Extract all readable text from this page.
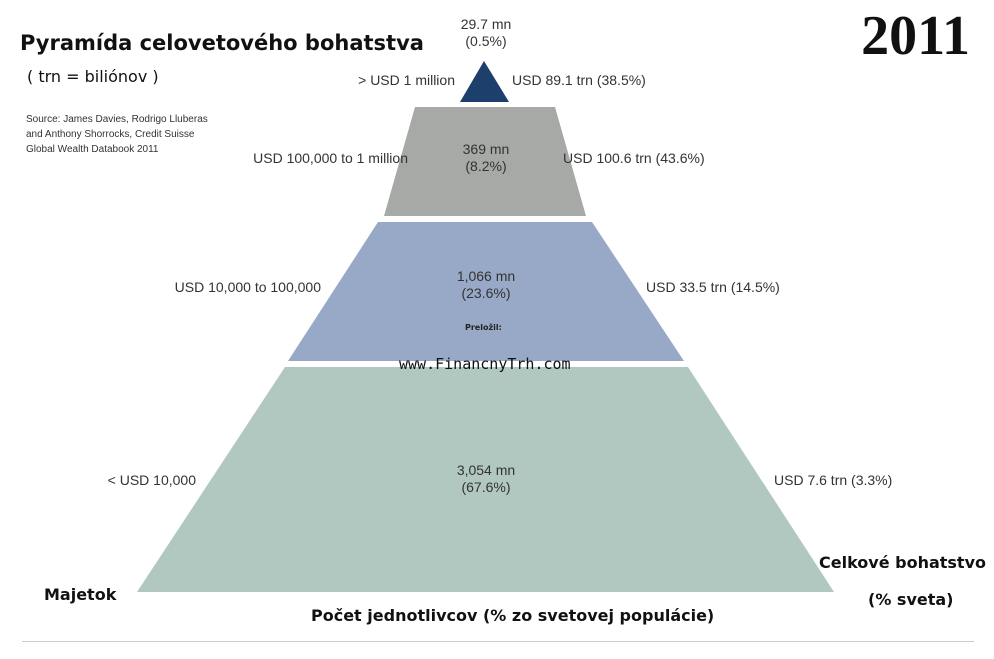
Pyramída celovetového bohatstva
( trn = biliónov )
Source: James Davies, Rodrigo Lluberas
and Anthony Shorrocks, Credit Suisse
Global Wealth Databook 2011
2011
29.7 mn
(0.5%)
> USD 1 million	USD 89.1 trn (38.5%)
369 mn
(8.2%)
USD 100,000 to 1 million	USD 100.6 trn (43.6%)
1,066 mn
(23.6%)
USD 10,000 to 100,000	USD 33.5 trn (14.5%)
Preložil:
www.FinancnyTrh.com
3,054 mn
(67.6%)
< USD 10,000	USD 7.6 trn (3.3%)
Majetok
Celkové bohatstvo
(% sveta)
Počet jednotlivcov (% zo svetovej populácie)
